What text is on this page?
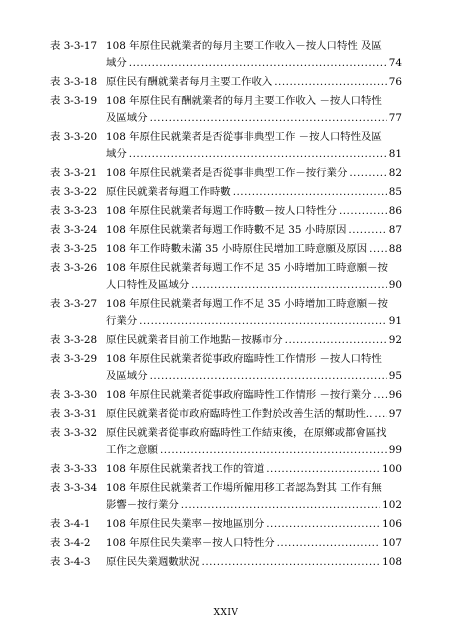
表 3-3-17 108 年原住民就業者的每月主要工作收入－按人口特性 及區
域分 .....	74
表 3-3-18 原住民有酬就業者每月主要工作收入 .....	76
表 3-3-19 108 年原住民有酬就業者的每月主要工作收入 －按人口特性
及區域分 .....	77
表 3-3-20 108 年原住民就業者是否從事非典型工作 －按人口特性及區
域分 .....	81
表 3-3-21 108 年原住民就業者是否從事非典型工作－按行業分 .....	82
表 3-3-22 原住民就業者每週工作時數 .....	85
表 3-3-23 108 年原住民就業者每週工作時數－按人口特性分 .....	86
表 3-3-24 108 年原住民就業者每週工作時數不足 35 小時原因 .....	87
表 3-3-25 108 年工作時數未滿 35 小時原住民增加工時意願及原因 ..... 88
表 3-3-26 108 年原住民就業者每週工作不足 35 小時增加工時意願－按
人口特性及區域分 .....	90
表 3-3-27 108 年原住民就業者每週工作不足 35 小時增加工時意願－按
行業分 .....	91
表 3-3-28 原住民就業者目前工作地點－按縣市分 .....	92
表 3-3-29 108 年原住民就業者從事政府臨時性工作情形 －按人口特性
及區域分 .....	95
表 3-3-30 108 年原住民就業者從事政府臨時性工作情形 －按行業分 ..... 96
表 3-3-31 原住民就業者從市政府臨時性工作對於改善生活的幫助性.. ..... 97
表 3-3-32 原住民就業者從事政府臨時性工作結束後，在原鄉或都會區找
工作之意願 .....	99
表 3-3-33 108 年原住民就業者找工作的管道 .....	100
表 3-3-34 108 年原住民就業者工作場所僱用移工者認為對其 工作有無
影響－按行業分 .....	102
表 3-4-1	108 年原住民失業率－按地區別分 .....	106
表 3-4-2	108 年原住民失業率－按人口特性分 .....	107
表 3-4-3	原住民失業週數狀況 .....	108
XXIV
